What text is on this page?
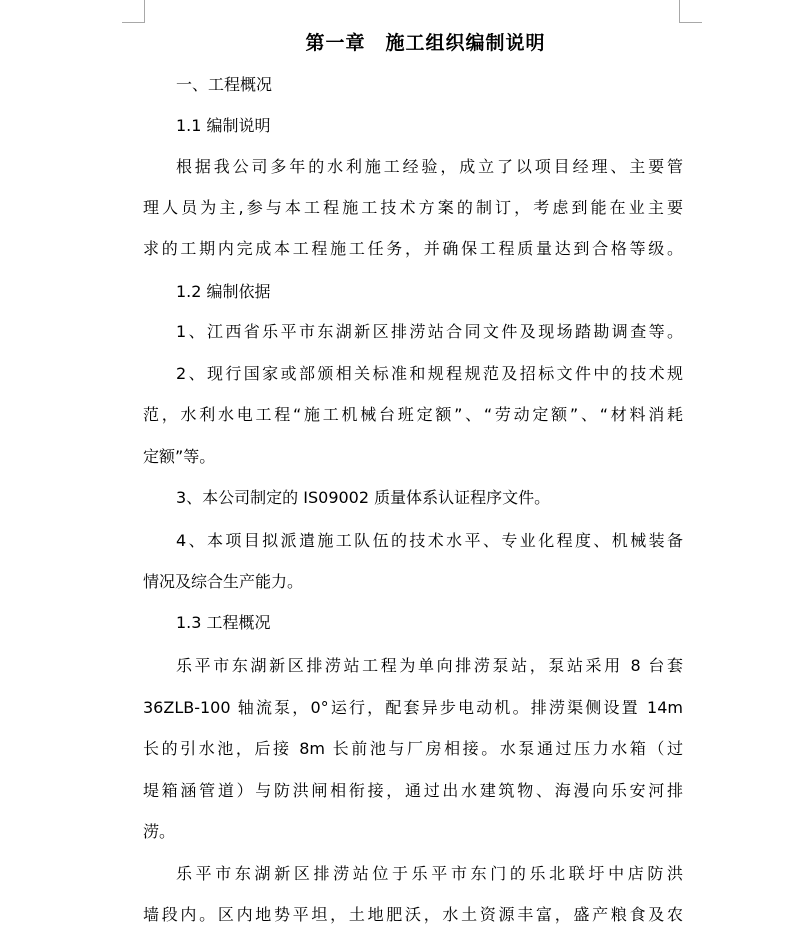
第一章　施工组织编制说明
一、工程概况
1.1 编制说明
根据我公司多年的水利施工经验，成立了以项目经理、主要管
理人员为主,参与本工程施工技术方案的制订，考虑到能在业主要
求的工期内完成本工程施工任务，并确保工程质量达到合格等级。
1.2 编制依据
1、江西省乐平市东湖新区排涝站合同文件及现场踏勘调查等。
2、现行国家或部颁相关标准和规程规范及招标文件中的技术规
范，水利水电工程“施工机械台班定额”、“劳动定额”、“材料消耗
定额”等。
3、本公司制定的 IS09002 质量体系认证程序文件。
4、本项目拟派遣施工队伍的技术水平、专业化程度、机械装备
情况及综合生产能力。
1.3 工程概况
乐平市东湖新区排涝站工程为单向排涝泵站，泵站采用 8 台套
36ZLB-100 轴流泵，0°运行，配套异步电动机。排涝渠侧设置 14m
长的引水池，后接 8m 长前池与厂房相接。水泵通过压力水箱（过
堤箱涵管道）与防洪闸相衔接，通过出水建筑物、海漫向乐安河排
涝。
乐平市东湖新区排涝站位于乐平市东门的乐北联圩中店防洪
墙段内。区内地势平坦，土地肥沃，水土资源丰富，盛产粮食及农
